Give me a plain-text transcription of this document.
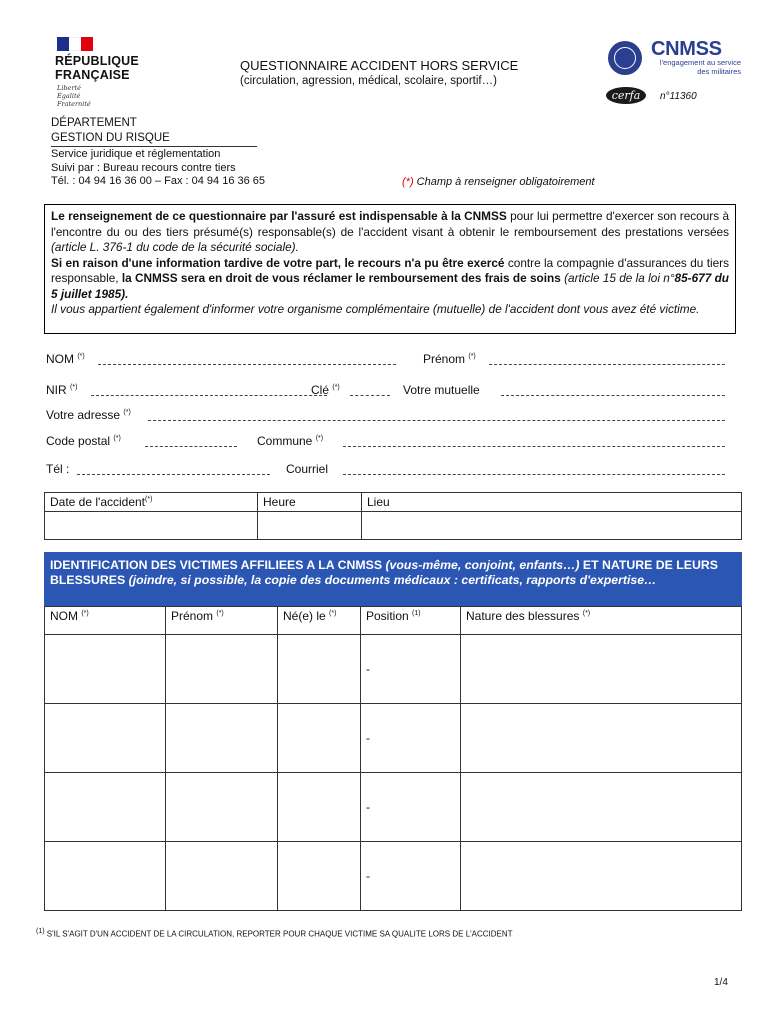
RÉPUBLIQUE
FRANÇAISE
Liberté
Égalité
Fraternité
QUESTIONNAIRE ACCIDENT HORS SERVICE
(circulation, agression, médical, scolaire, sportif…)
CNMSS
l'engagement au service
des militaires
cerfa	n°11360
DÉPARTEMENT
GESTION DU RISQUE
Service juridique et réglementation
Suivi par : Bureau recours contre tiers
Tél. : 04 94 16 36 00 – Fax : 04 94 16 36 65	(*) Champ à renseigner obligatoirement

Le renseignement de ce questionnaire par l'assuré est indispensable à la CNMSS pour lui permettre d'exercer son recours à l'encontre du ou des tiers présumé(s) responsable(s) de l'accident visant à obtenir le remboursement des prestations versées (article L. 376-1 du code de la sécurité sociale).

Si en raison d'une information tardive de votre part, le recours n'a pu être exercé contre la compagnie d'assurances du tiers responsable, la CNMSS sera en droit de vous réclamer le remboursement des frais de soins (article 15 de la loi n°85-677 du 5 juillet 1985).

Il vous appartient également d'informer votre organisme complémentaire (mutuelle) de l'accident dont vous avez été victime.

NOM (*)	Prénom (*)
NIR (*)	Clé (*)	Votre mutuelle
Votre adresse (*)
Code postal (*)	Commune (*)
Tél :	Courriel
Date de l'accident(*)	Heure	Lieu

IDENTIFICATION DES VICTIMES AFFILIEES A LA CNMSS (vous-même, conjoint, enfants…) ET NATURE DE LEURS BLESSURES (joindre, si possible, la copie des documents médicaux : certificats, rapports d'expertise…
NOM (*)	Prénom (*)	Né(e) le (*)	Position $^{(1)}$	Nature des blessures (*)
			-	
			-	
			-	
			-	
$^{(1)}$ S'IL S'AGIT D'UN ACCIDENT DE LA CIRCULATION, REPORTER POUR CHAQUE VICTIME SA QUALITE LORS DE L'ACCIDENT
1/4
